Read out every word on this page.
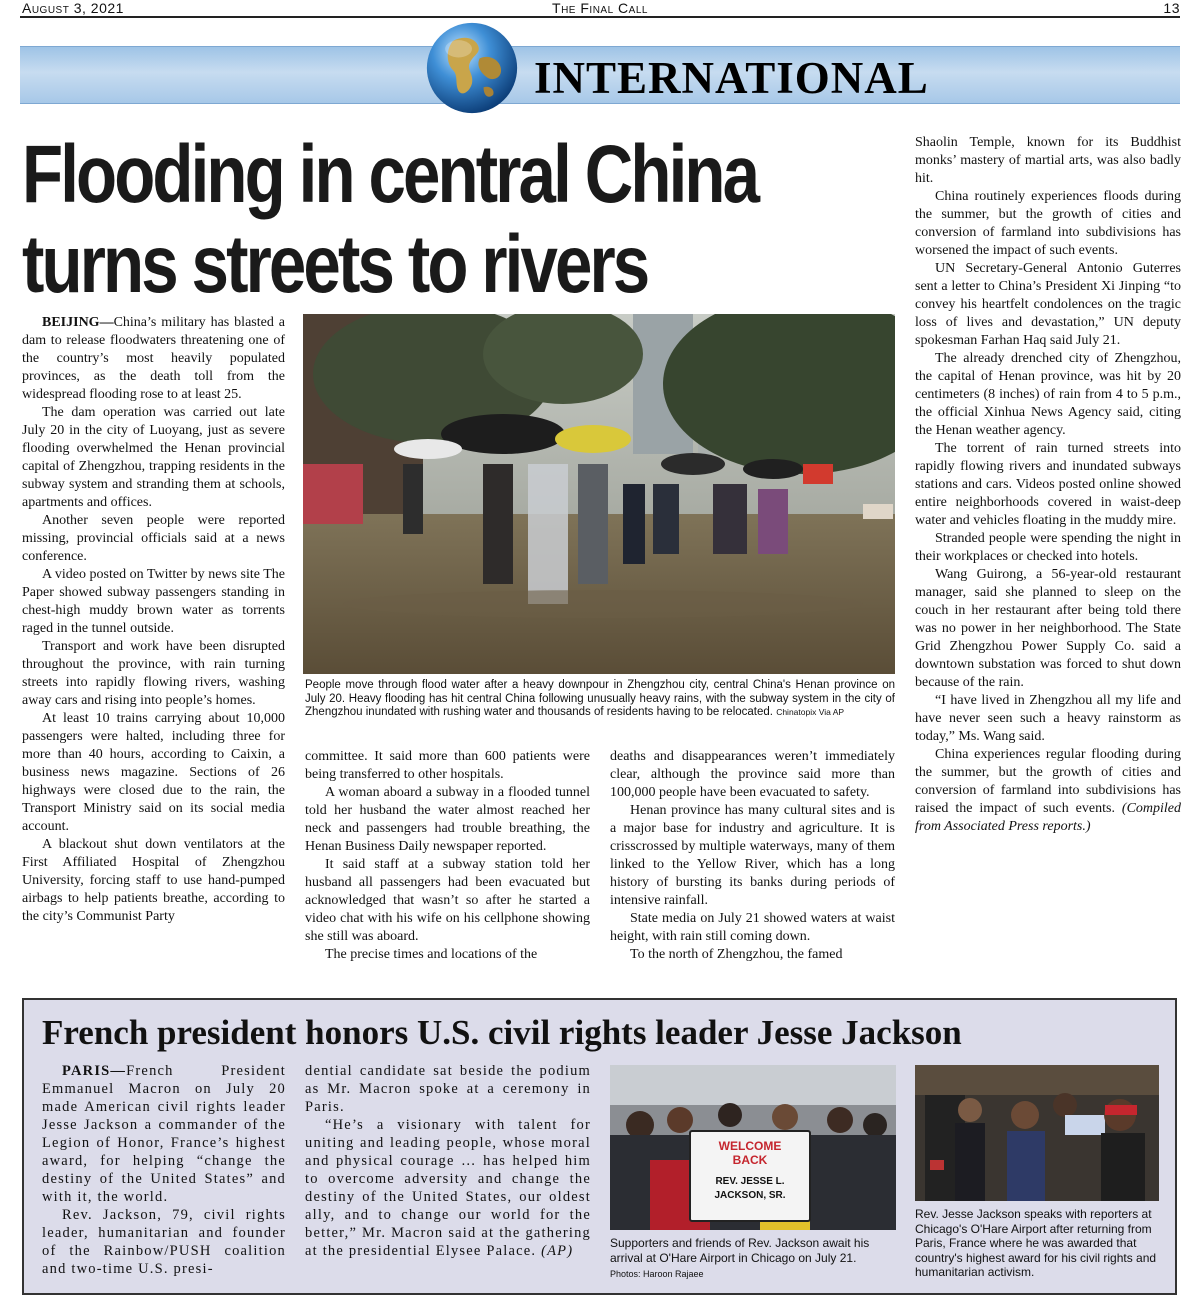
August 3, 2021	The Final Call	13
INTERNATIONAL
Flooding in central China
turns streets to rivers

BEIJING—China’s military has blasted a dam to release floodwaters threatening one of the country’s most heavily populated provinces, as the death toll from the widespread flooding rose to at least 25.

The dam operation was carried out late July 20 in the city of Luoyang, just as severe flooding overwhelmed the Henan provincial capital of Zhengzhou, trapping residents in the subway system and stranding them at schools, apartments and offices.

Another seven people were reported missing, provincial officials said at a news conference.

A video posted on Twitter by news site The Paper showed subway passengers standing in chest-high muddy brown water as torrents raged in the tunnel outside.

Transport and work have been disrupted throughout the province, with rain turning streets into rapidly flowing rivers, washing away cars and rising into people’s homes.

At least 10 trains carrying about 10,000 passengers were halted, including three for more than 40 hours, according to Caixin, a business news magazine. Sections of 26 highways were closed due to the rain, the Transport Ministry said on its social media account.

A blackout shut down ventilators at the First Affiliated Hospital of Zhengzhou University, forcing staff to use hand-pumped airbags to help patients breathe, according to the city’s Communist Party

People move through flood water after a heavy downpour in Zhengzhou city, central China's Henan province on July 20. Heavy flooding has hit central China following unusually heavy rains, with the subway system in the city of Zhengzhou inundated with rushing water and thousands of residents having to be relocated. Chinatopix Via AP

committee. It said more than 600 patients were being transferred to other hospitals.

A woman aboard a subway in a flooded tunnel told her husband the water almost reached her neck and passengers had trouble breathing, the Henan Business Daily newspaper reported.

It said staff at a subway station told her husband all passengers had been evacuated but acknowledged that wasn’t so after he started a video chat with his wife on his cellphone showing she still was aboard.

The precise times and locations of the

deaths and disappearances weren’t immediately clear, although the province said more than 100,000 people have been evacuated to safety.

Henan province has many cultural sites and is a major base for industry and agriculture. It is crisscrossed by multiple waterways, many of them linked to the Yellow River, which has a long history of bursting its banks during periods of intensive rainfall.

State media on July 21 showed waters at waist height, with rain still coming down.

To the north of Zhengzhou, the famed

Shaolin Temple, known for its Buddhist monks’ mastery of martial arts, was also badly hit.

China routinely experiences floods during the summer, but the growth of cities and conversion of farmland into subdivisions has worsened the impact of such events.

UN Secretary-General Antonio Guterres sent a letter to China’s President Xi Jinping “to convey his heartfelt condolences on the tragic loss of lives and devastation,” UN deputy spokesman Farhan Haq said July 21.

The already drenched city of Zhengzhou, the capital of Henan province, was hit by 20 centimeters (8 inches) of rain from 4 to 5 p.m., the official Xinhua News Agency said, citing the Henan weather agency.

The torrent of rain turned streets into rapidly flowing rivers and inundated subways stations and cars. Videos posted online showed entire neighborhoods covered in waist-deep water and vehicles floating in the muddy mire.

Stranded people were spending the night in their workplaces or checked into hotels.

Wang Guirong, a 56-year-old restaurant manager, said she planned to sleep on the couch in her restaurant after being told there was no power in her neighborhood. The State Grid Zhengzhou Power Supply Co. said a downtown substation was forced to shut down because of the rain.

“I have lived in Zhengzhou all my life and have never seen such a heavy rainstorm as today,” Ms. Wang said.

China experiences regular flooding during the summer, but the growth of cities and conversion of farmland into subdivisions has raised the impact of such events. (Compiled from Associated Press reports.)

French president honors U.S. civil rights leader Jesse Jackson

PARIS—French President Emmanuel Macron on July 20 made American civil rights leader Jesse Jackson a commander of the Legion of Honor, France’s highest award, for helping “change the destiny of the United States” and with it, the world.

Rev. Jackson, 79, civil rights leader, humanitarian and founder of the Rainbow/PUSH coalition and two-time U.S. presi-

dential candidate sat beside the podium as Mr. Macron spoke at a ceremony in Paris.

“He’s a visionary with talent for uniting and leading people, whose moral and physical courage … has helped him to overcome adversity and change the destiny of the United States, our oldest ally, and to change our world for the better,” Mr. Macron said at the gathering at the presidential Elysee Palace. (AP)

WELCOME
BACK
REV. JESSE L.
JACKSON, SR.
Supporters and friends of Rev. Jackson await his arrival at O'Hare Airport in Chicago on July 21.
Photos: Haroon Rajaee
Rev. Jesse Jackson speaks with reporters at Chicago's O'Hare Airport after returning from Paris, France where he was awarded that country's highest award for his civil rights and humanitarian activism.
